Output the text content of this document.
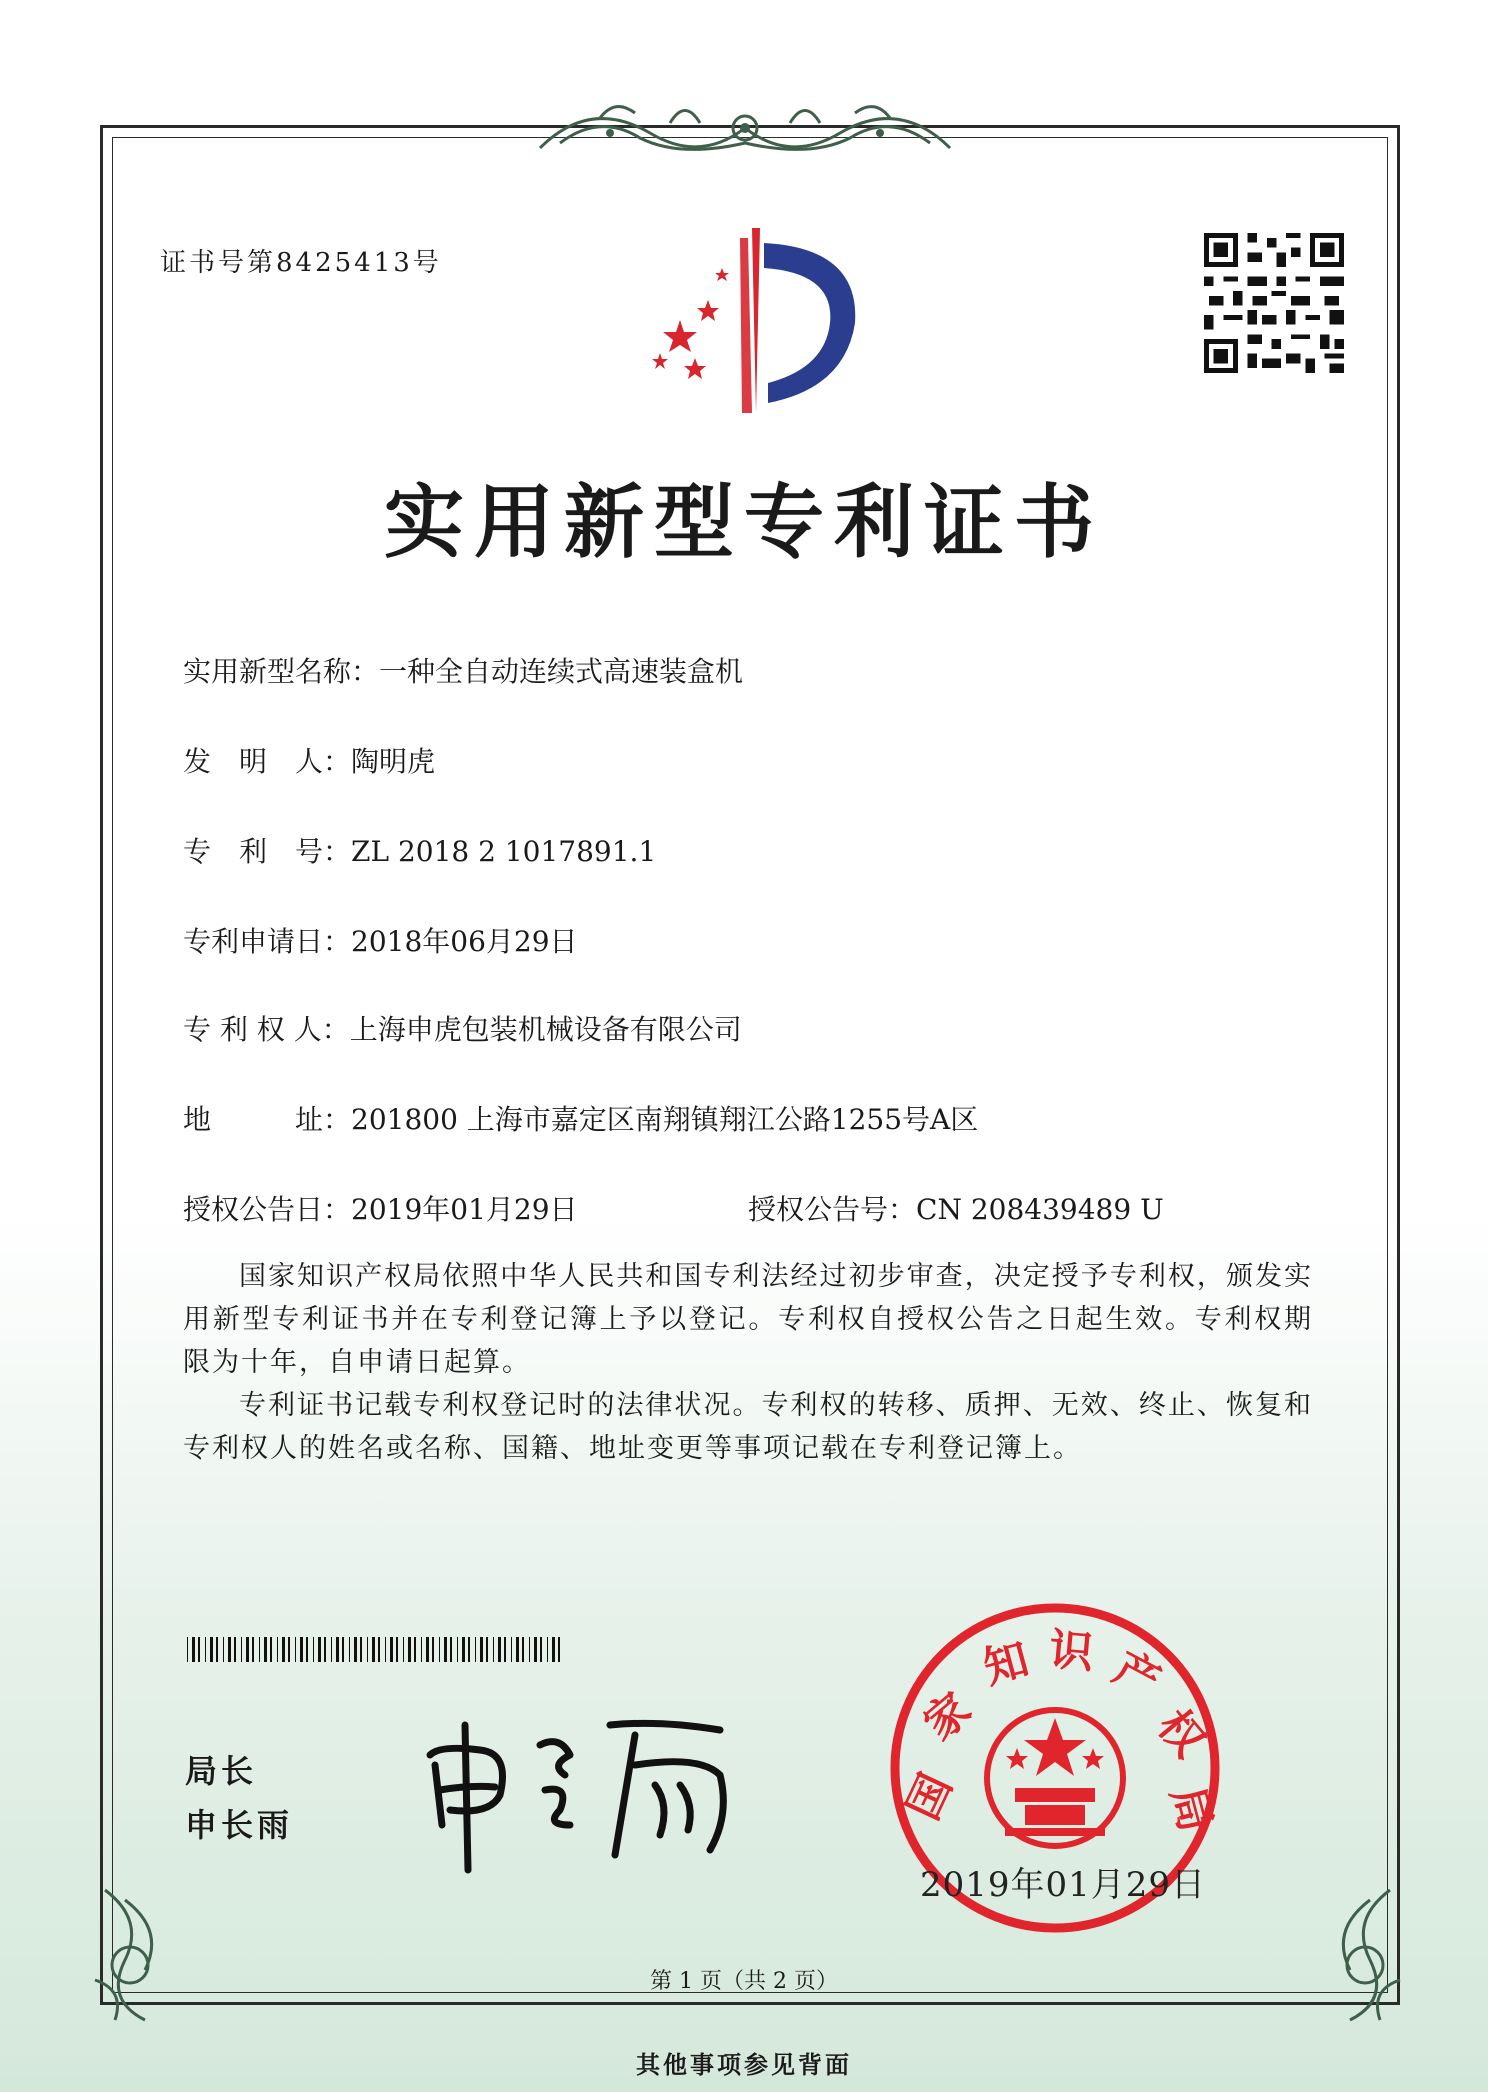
证书号第8425413号
实用新型专利证书
实用新型名称：一种全自动连续式高速装盒机
发　明　人：陶明虎
专　利　号：ZL 2018 2 1017891.1
专利申请日：2018年06月29日
专 利 权 人：上海申虎包装机械设备有限公司
地　　　址：201800 上海市嘉定区南翔镇翔江公路1255号A区
授权公告日：2019年01月29日	授权公告号：CN 208439489 U

国家知识产权局依照中华人民共和国专利法经过初步审查，决定授予专利权，颁发实用新型专利证书并在专利登记簿上予以登记。专利权自授权公告之日起生效。专利权期限为十年，自申请日起算。

专利证书记载专利权登记时的法律状况。专利权的转移、质押、无效、终止、恢复和专利权人的姓名或名称、国籍、地址变更等事项记载在专利登记簿上。

局长
申长雨	国
家
知 识 产
权
局
2019年01月29日
第 1 页（共 2 页）
其他事项参见背面
